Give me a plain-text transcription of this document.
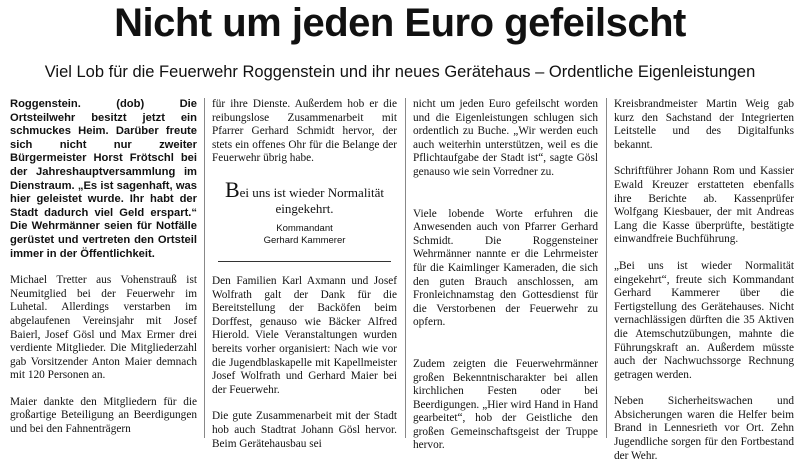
Nicht um jeden Euro gefeilscht
Viel Lob für die Feuerwehr Roggenstein und ihr neues Gerätehaus – Ordentliche Eigenleistungen

Roggenstein. (dob) Die Ortsteilwehr besitzt jetzt ein schmuckes Heim. Darüber freute sich nicht nur zweiter Bürgermeister Horst Frötschl bei der Jahreshauptversammlung im Dienstraum. „Es ist sagenhaft, was hier geleistet wurde. Ihr habt der Stadt dadurch viel Geld erspart.“ Die Wehrmänner seien für Notfälle gerüstet und vertreten den Ortsteil immer in der Öffentlichkeit.

Michael Tretter aus Vohenstrauß ist Neumitglied bei der Feuerwehr im Luhetal. Allerdings verstarben im abgelaufenen Vereinsjahr mit Josef Baierl, Josef Gösl und Max Ermer drei verdiente Mitglieder. Die Mitgliederzahl gab Vorsitzender Anton Maier demnach mit 120 Personen an.

Maier dankte den Mitgliedern für die großartige Beteiligung an Beerdigungen und bei den Fahnenträgern

für ihre Dienste. Außerdem hob er die reibungslose Zusammenarbeit mit Pfarrer Gerhard Schmidt hervor, der stets ein offenes Ohr für die Belange der Feuerwehr übrig habe.

Bei uns ist wieder Normalität eingekehrt.
Kommandant
Gerhard Kammerer

Den Familien Karl Axmann und Josef Wolfrath galt der Dank für die Bereitstellung der Backöfen beim Dorffest, genauso wie Bäcker Alfred Hierold. Viele Veranstaltungen wurden bereits vorher organisiert: Nach wie vor die Jugendblaskapelle mit Kapellmeister Josef Wolfrath und Gerhard Maier bei der Feuerwehr.

Die gute Zusammenarbeit mit der Stadt hob auch Stadtrat Johann Gösl hervor. Beim Gerätehausbau sei

nicht um jeden Euro gefeilscht worden und die Eigenleistungen schlugen sich ordentlich zu Buche. „Wir werden euch auch weiterhin unterstützen, weil es die Pflichtaufgabe der Stadt ist“, sagte Gösl genauso wie sein Vorredner zu.

Viele lobende Worte erfuhren die Anwesenden auch von Pfarrer Gerhard Schmidt. Die Roggensteiner Wehrmänner nannte er die Lehrmeister für die Kaimlinger Kameraden, die sich den guten Brauch anschlossen, am Fronleichnamstag den Gottesdienst für die Verstorbenen der Feuerwehr zu opfern.

Zudem zeigten die Feuerwehrmänner großen Bekenntnischarakter bei allen kirchlichen Festen oder bei Beerdigungen. „Hier wird Hand in Hand gearbeitet“, hob der Geistliche den großen Gemeinschaftsgeist der Truppe hervor.

Kreisbrandmeister Martin Weig gab kurz den Sachstand der Integrierten Leitstelle und des Digitalfunks bekannt.

Schriftführer Johann Rom und Kassier Ewald Kreuzer erstatteten ebenfalls ihre Berichte ab. Kassenprüfer Wolfgang Kiesbauer, der mit Andreas Lang die Kasse überprüfte, bestätigte einwandfreie Buchführung.

„Bei uns ist wieder Normalität eingekehrt“, freute sich Kommandant Gerhard Kammerer über die Fertigstellung des Gerätehauses. Nicht vernachlässigen dürften die 35 Aktiven die Atemschutzübungen, mahnte die Führungskraft an. Außerdem müsste auch der Nachwuchssorge Rechnung getragen werden.

Neben Sicherheitswachen und Absicherungen waren die Helfer beim Brand in Lennesrieth vor Ort. Zehn Jugendliche sorgen für den Fortbestand der Wehr.
